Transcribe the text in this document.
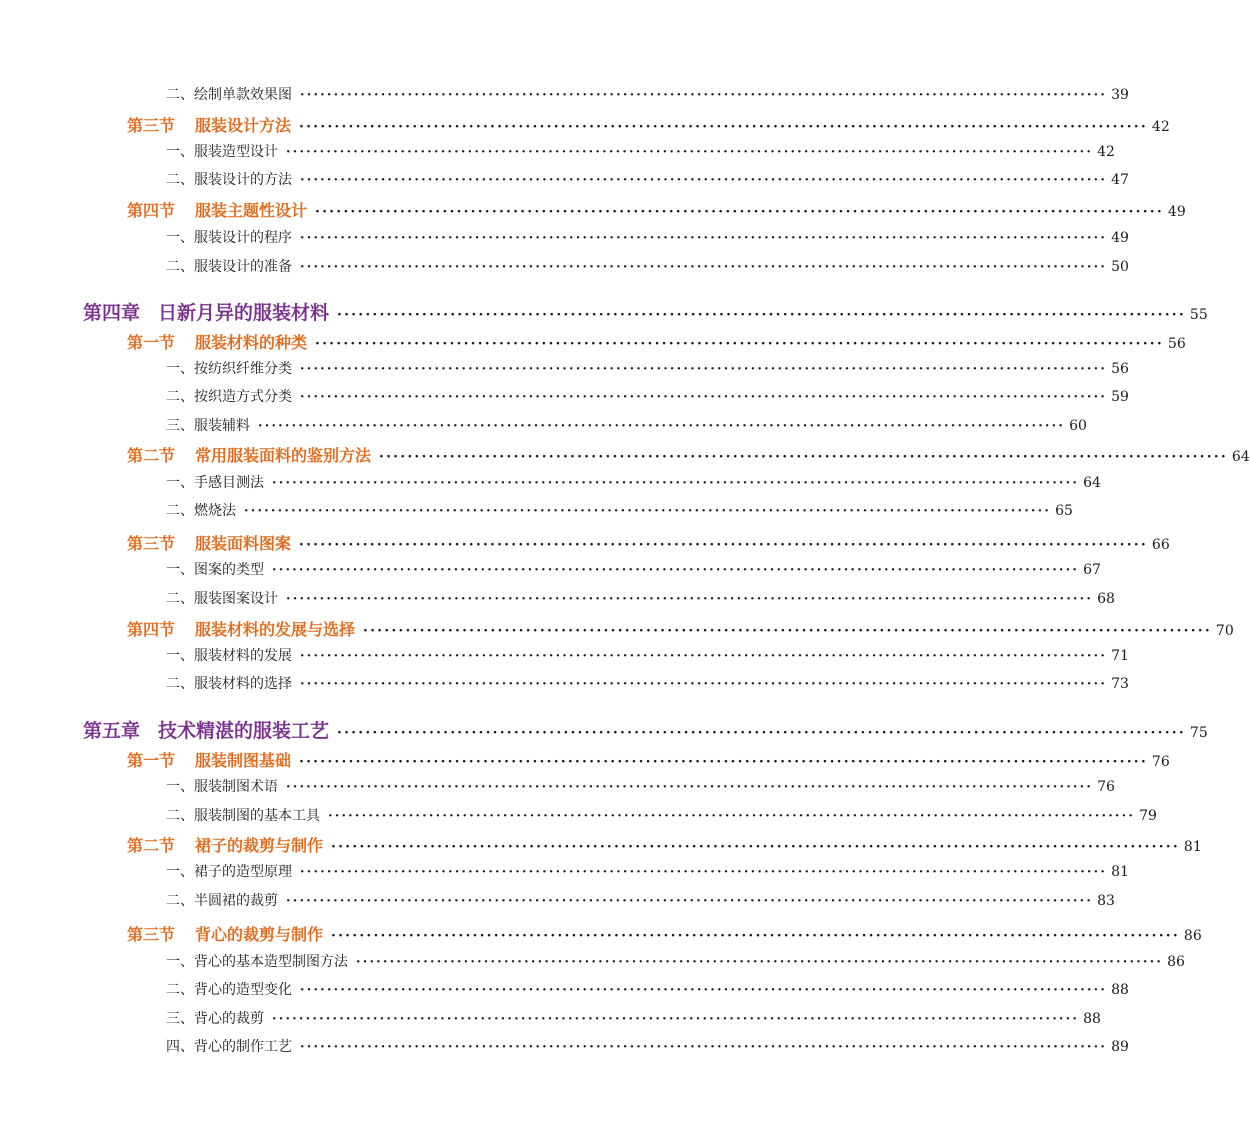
二、绘制单款效果图 ························································································································ 39
第三节 服装设计方法 ························································································································ 42
一、服装造型设计 ························································································································ 42
二、服装设计的方法 ························································································································ 47
第四节 服装主题性设计 ························································································································ 49
一、服装设计的程序 ························································································································ 49
二、服装设计的准备 ························································································································ 50
第四章 日新月异的服装材料 ························································································································ 55
第一节 服装材料的种类 ························································································································ 56
一、按纺织纤维分类 ························································································································ 56
二、按织造方式分类 ························································································································ 59
三、服装辅料 ························································································································ 60
第二节 常用服装面料的鉴别方法 ························································································································ 64
一、手感目测法 ························································································································ 64
二、燃烧法 ························································································································ 65
第三节 服装面料图案 ························································································································ 66
一、图案的类型 ························································································································ 67
二、服装图案设计 ························································································································ 68
第四节 服装材料的发展与选择 ························································································································ 70
一、服装材料的发展 ························································································································ 71
二、服装材料的选择 ························································································································ 73
第五章 技术精湛的服装工艺 ························································································································ 75
第一节 服装制图基础 ························································································································ 76
一、服装制图术语 ························································································································ 76
二、服装制图的基本工具 ························································································································ 79
第二节 裙子的裁剪与制作 ························································································································ 81
一、裙子的造型原理 ························································································································ 81
二、半圆裙的裁剪 ························································································································ 83
第三节 背心的裁剪与制作 ························································································································ 86
一、背心的基本造型制图方法 ························································································································ 86
二、背心的造型变化 ························································································································ 88
三、背心的裁剪 ························································································································ 88
四、背心的制作工艺 ························································································································ 89
